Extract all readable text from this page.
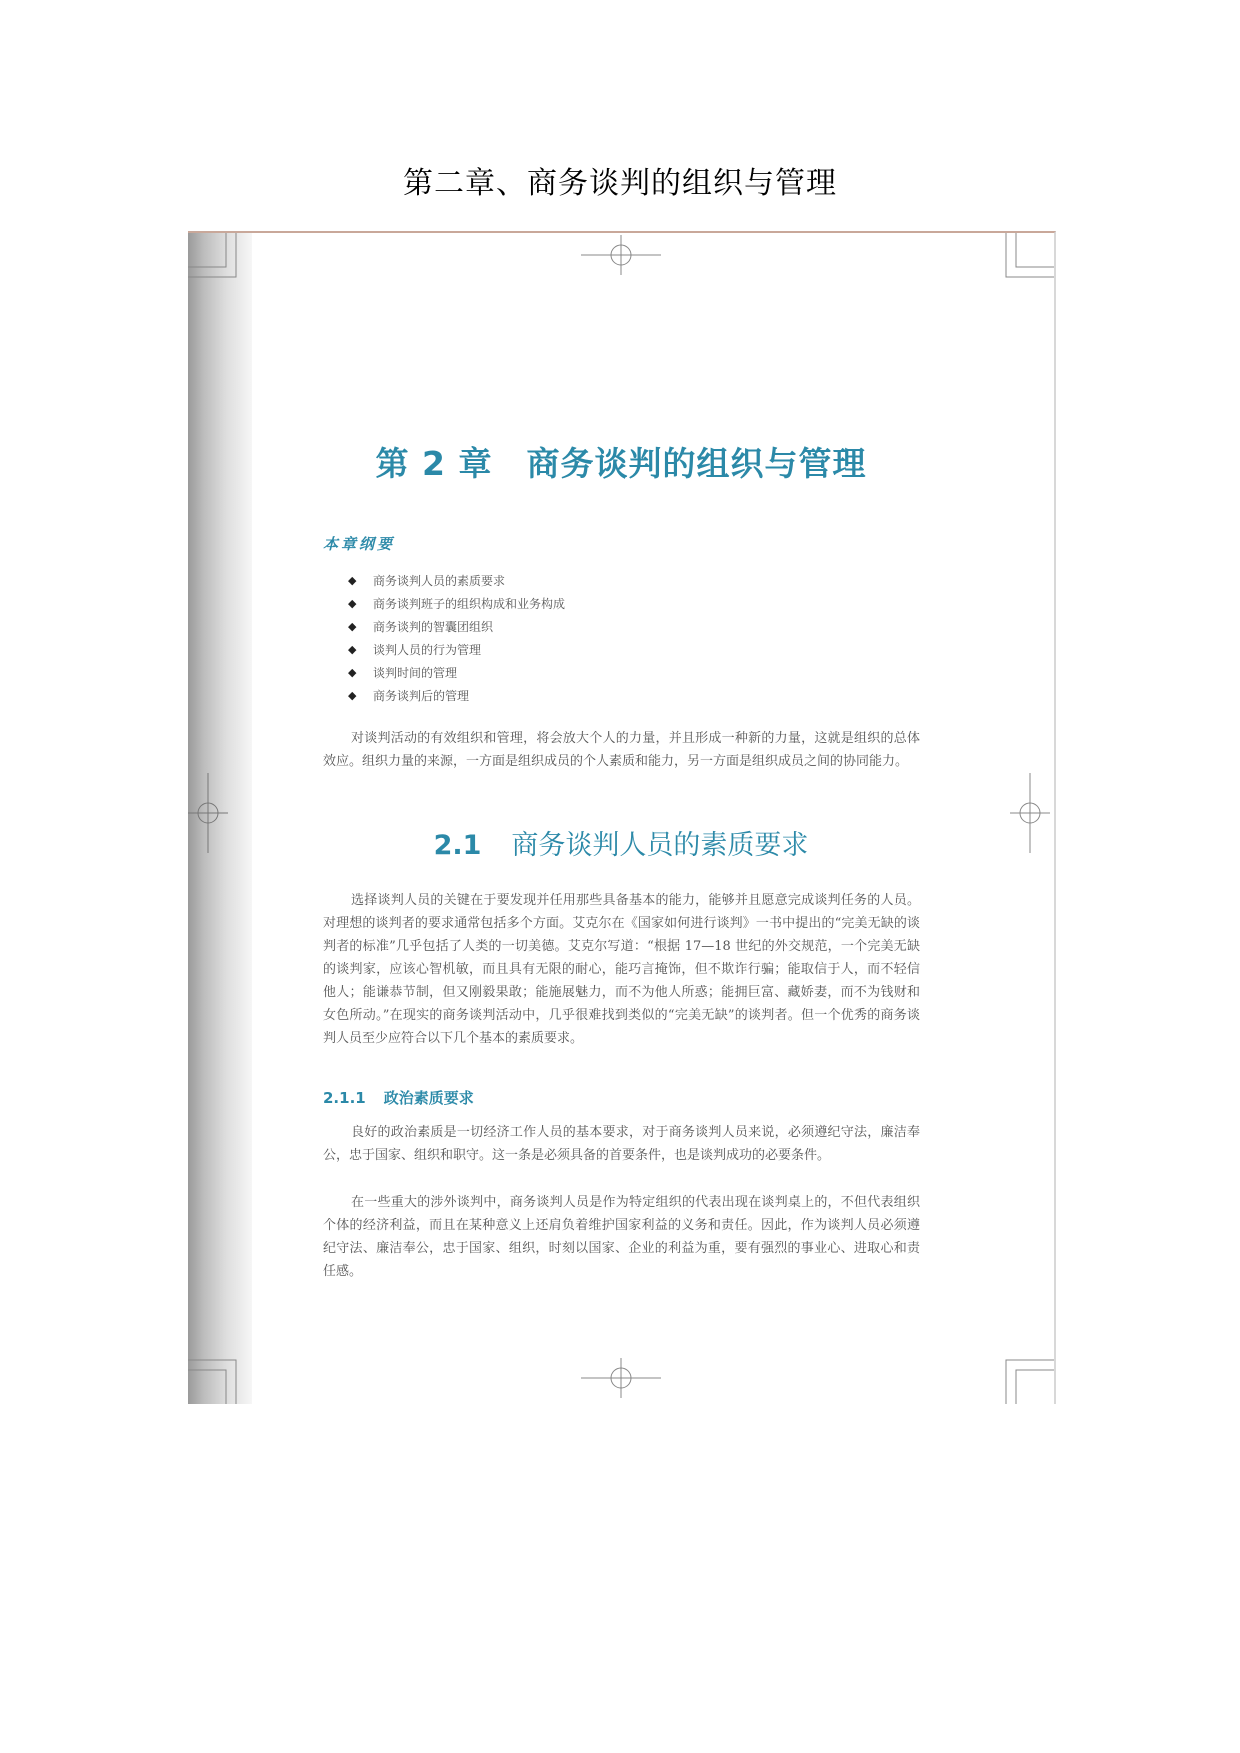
第二章、商务谈判的组织与管理
第 2 章　商务谈判的组织与管理
本章纲要
◆	商务谈判人员的素质要求
◆	商务谈判班子的组织构成和业务构成
◆	商务谈判的智囊团组织
◆	谈判人员的行为管理
◆	谈判时间的管理
◆	商务谈判后的管理

对谈判活动的有效组织和管理，将会放大个人的力量，并且形成一种新的力量，这就是组织的总体效应。组织力量的来源，一方面是组织成员的个人素质和能力，另一方面是组织成员之间的协同能力。

2.1 商务谈判人员的素质要求

选择谈判人员的关键在于要发现并任用那些具备基本的能力，能够并且愿意完成谈判任务的人员。对理想的谈判者的要求通常包括多个方面。艾克尔在《国家如何进行谈判》一书中提出的“完美无缺的谈判者的标准”几乎包括了人类的一切美德。艾克尔写道：“根据 17—18 世纪的外交规范，一个完美无缺的谈判家，应该心智机敏，而且具有无限的耐心，能巧言掩饰，但不欺诈行骗；能取信于人，而不轻信他人；能谦恭节制，但又刚毅果敢；能施展魅力，而不为他人所惑；能拥巨富、藏娇妻，而不为钱财和女色所动。”在现实的商务谈判活动中，几乎很难找到类似的“完美无缺”的谈判者。但一个优秀的商务谈判人员至少应符合以下几个基本的素质要求。

2.1.1 政治素质要求

良好的政治素质是一切经济工作人员的基本要求，对于商务谈判人员来说，必须遵纪守法，廉洁奉公，忠于国家、组织和职守。这一条是必须具备的首要条件，也是谈判成功的必要条件。

在一些重大的涉外谈判中，商务谈判人员是作为特定组织的代表出现在谈判桌上的，不但代表组织个体的经济利益，而且在某种意义上还肩负着维护国家利益的义务和责任。因此，作为谈判人员必须遵纪守法、廉洁奉公，忠于国家、组织，时刻以国家、企业的利益为重，要有强烈的事业心、进取心和责任感。
